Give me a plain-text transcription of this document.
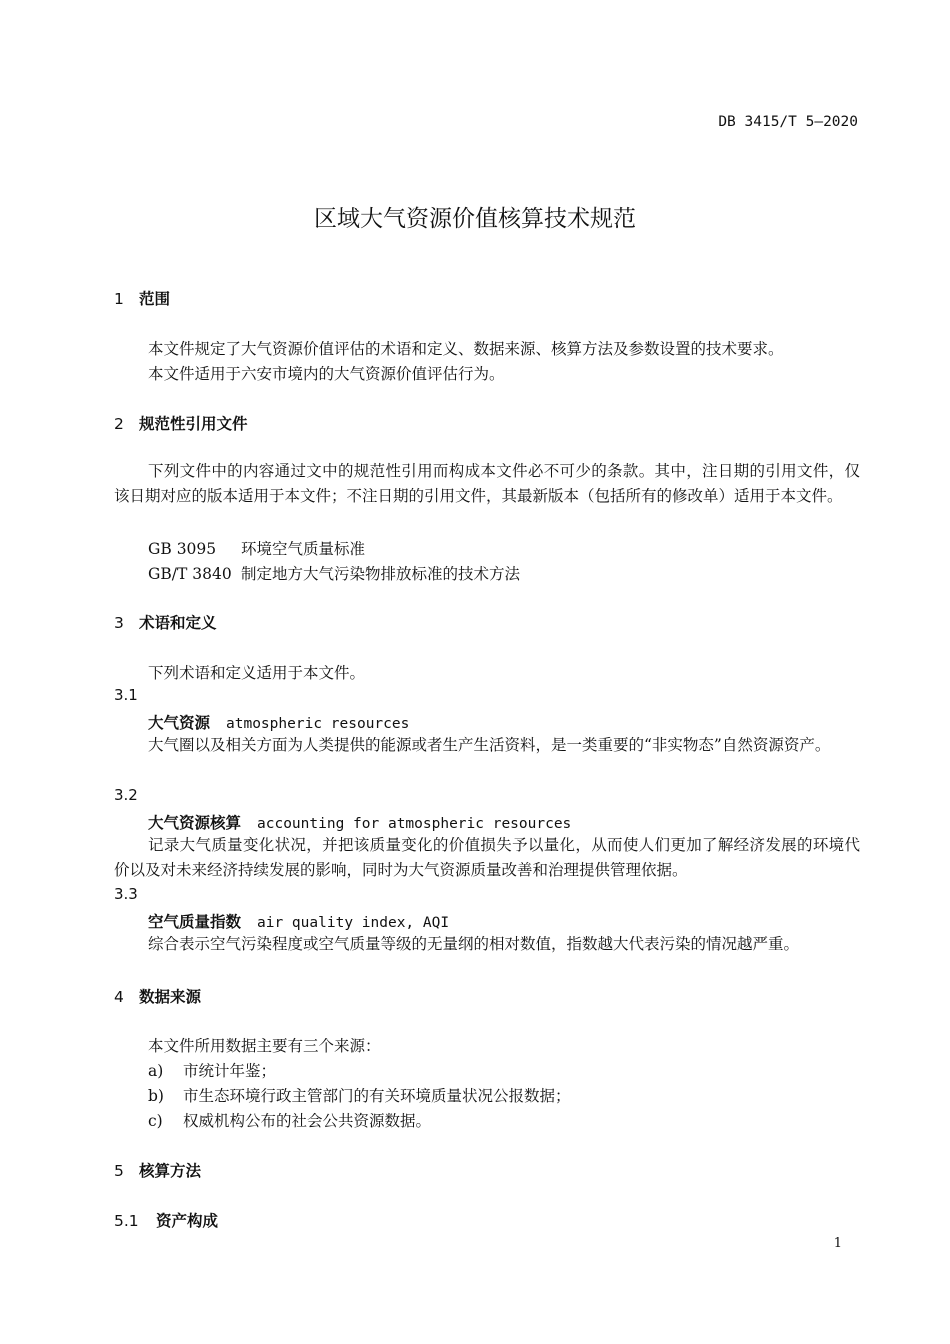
DB 3415/T 5—2020
区域大气资源价值核算技术规范
1 范围
本文件规定了大气资源价值评估的术语和定义、数据来源、核算方法及参数设置的技术要求。
本文件适用于六安市境内的大气资源价值评估行为。
2 规范性引用文件
下列文件中的内容通过文中的规范性引用而构成本文件必不可少的条款。其中，注日期的引用文件，仅该日期对应的版本适用于本文件；不注日期的引用文件，其最新版本（包括所有的修改单）适用于本文件。
GB 3095 环境空气质量标准
GB/T 3840 制定地方大气污染物排放标准的技术方法
3 术语和定义
下列术语和定义适用于本文件。
3.1
大气资源 atmospheric resources
大气圈以及相关方面为人类提供的能源或者生产生活资料，是一类重要的“非实物态”自然资源资产。
3.2
大气资源核算 accounting for atmospheric resources
记录大气质量变化状况，并把该质量变化的价值损失予以量化，从而使人们更加了解经济发展的环境代价以及对未来经济持续发展的影响，同时为大气资源质量改善和治理提供管理依据。
3.3
空气质量指数 air quality index, AQI
综合表示空气污染程度或空气质量等级的无量纲的相对数值，指数越大代表污染的情况越严重。
4 数据来源
本文件所用数据主要有三个来源：
a) 市统计年鉴；
b) 市生态环境行政主管部门的有关环境质量状况公报数据；
c) 权威机构公布的社会公共资源数据。
5 核算方法
5.1 资产构成
1
